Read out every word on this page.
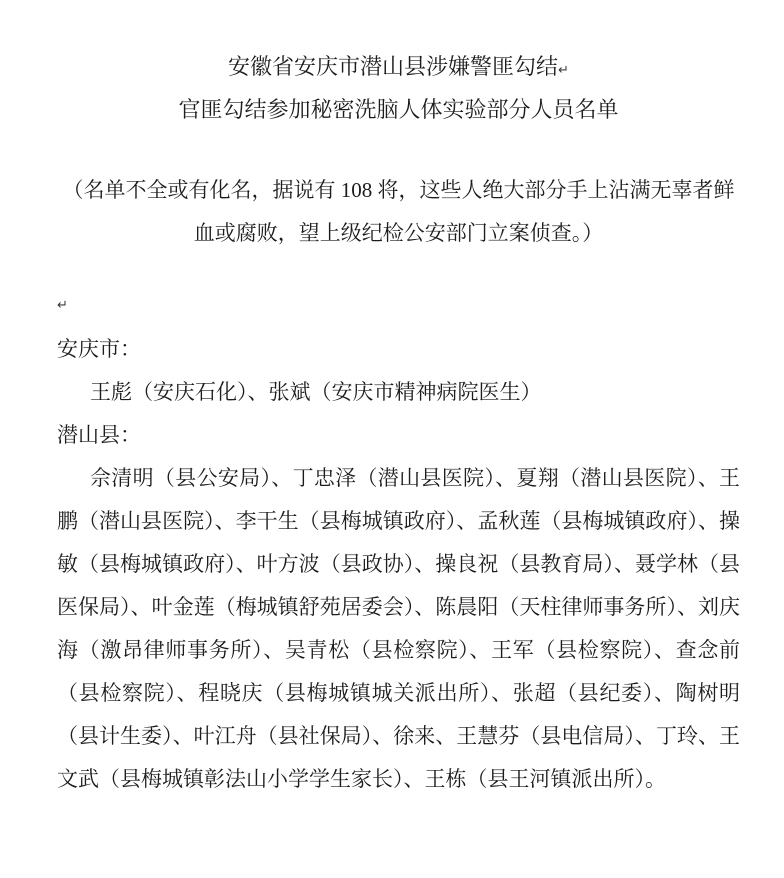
安徽省安庆市潜山县涉嫌警匪勾结↵

官匪勾结参加秘密洗脑人体实验部分人员名单

（名单不全或有化名，据说有 108 将，这些人绝大部分手上沾满无辜者鲜血或腐败，望上级纪检公安部门立案侦查。）

↵

安庆市：

王彪（安庆石化）、张斌（安庆市精神病院医生）

潜山县：

佘清明（县公安局）、丁忠泽（潜山县医院）、夏翔（潜山县医院）、王鹏（潜山县医院）、李干生（县梅城镇政府）、孟秋莲（县梅城镇政府）、操敏（县梅城镇政府）、叶方波（县政协）、操良祝（县教育局）、聂学林（县医保局）、叶金莲（梅城镇舒苑居委会）、陈晨阳（天柱律师事务所）、刘庆海（激昂律师事务所）、吴青松（县检察院）、王军（县检察院）、查念前（县检察院）、程晓庆（县梅城镇城关派出所）、张超（县纪委）、陶树明（县计生委）、叶江舟（县社保局）、徐来、王慧芬（县电信局）、丁玲、王文武（县梅城镇彰法山小学学生家长）、王栋（县王河镇派出所）。
